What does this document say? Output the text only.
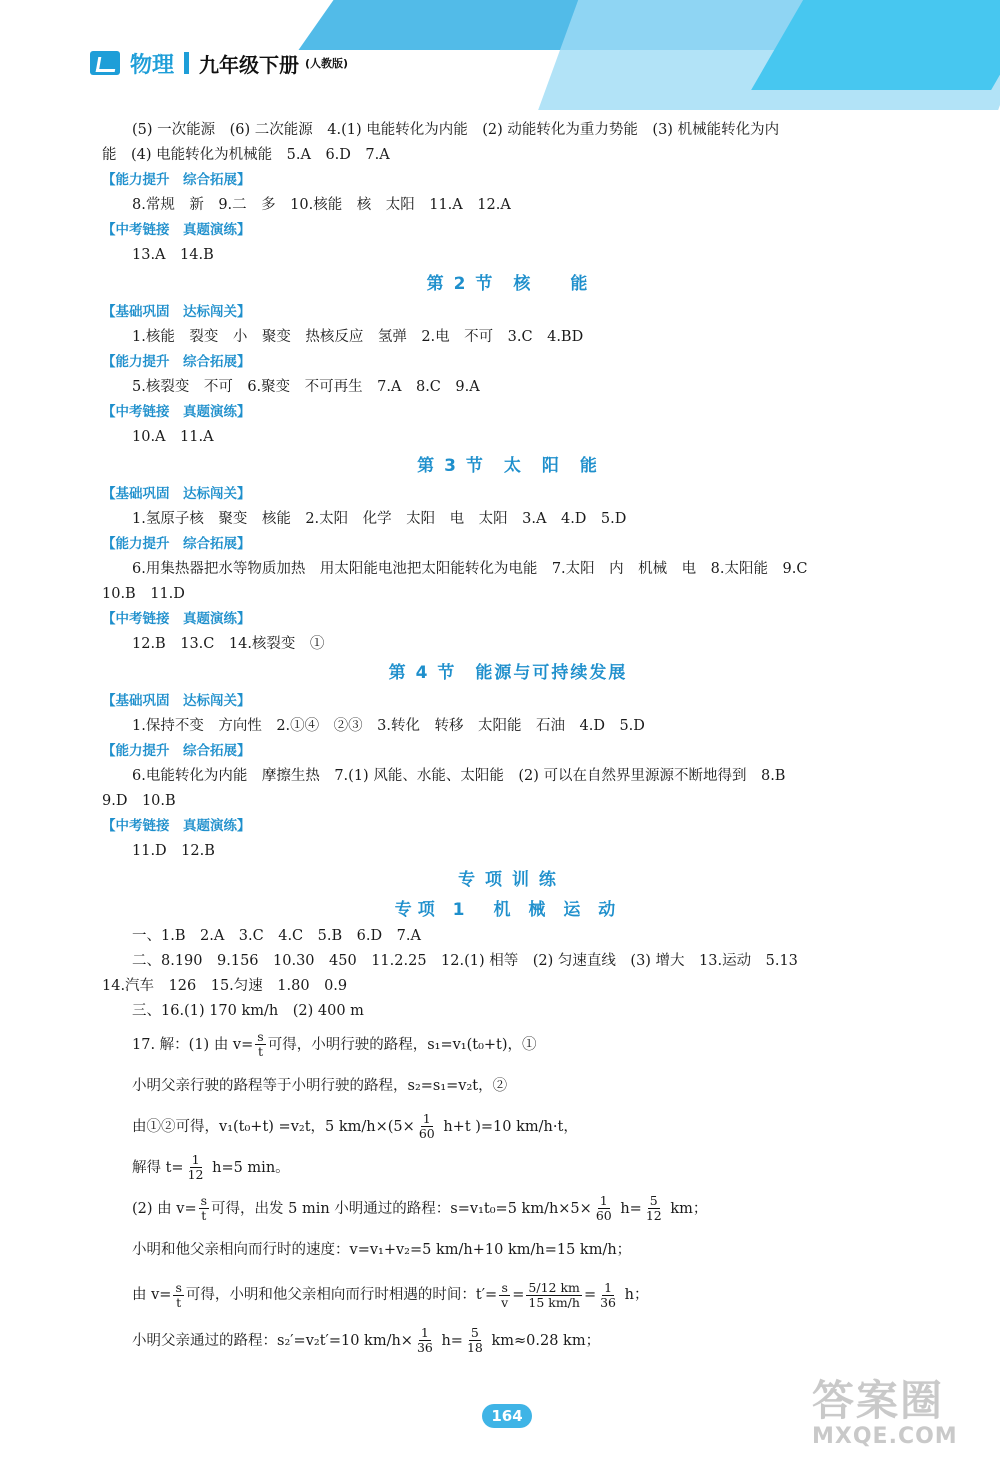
物理 九年级下册 (人教版)
(5) 一次能源　(6) 二次能源　4.(1) 电能转化为内能　(2) 动能转化为重力势能　(3) 机械能转化为内
能　(4) 电能转化为机械能　5.A　6.D　7.A
【能力提升　综合拓展】
8.常规　新　9.二　多　10.核能　核　太阳　11.A　12.A
【中考链接　真题演练】
13.A　14.B
第 2 节　核　　能
【基础巩固　达标闯关】
1.核能　裂变　小　聚变　热核反应　氢弹　2.电　不可　3.C　4.BD
【能力提升　综合拓展】
5.核裂变　不可　6.聚变　不可再生　7.A　8.C　9.A
【中考链接　真题演练】
10.A　11.A
第 3 节　太　阳　能
【基础巩固　达标闯关】
1.氢原子核　聚变　核能　2.太阳　化学　太阳　电　太阳　3.A　4.D　5.D
【能力提升　综合拓展】
6.用集热器把水等物质加热　用太阳能电池把太阳能转化为电能　7.太阳　内　机械　电　8.太阳能　9.C
10.B　11.D
【中考链接　真题演练】
12.B　13.C　14.核裂变　①
第 4 节　能源与可持续发展
【基础巩固　达标闯关】
1.保持不变　方向性　2.①④　②③　3.转化　转移　太阳能　石油　4.D　5.D
【能力提升　综合拓展】
6.电能转化为内能　摩擦生热　7.(1) 风能、水能、太阳能　(2) 可以在自然界里源源不断地得到　8.B
9.D　10.B
【中考链接　真题演练】
11.D　12.B
专 项 训 练
专项 1　机 械 运 动
一、1.B　2.A　3.C　4.C　5.B　6.D　7.A
二、8.190　9.156　10.30　450　11.2.25　12.(1) 相等　(2) 匀速直线　(3) 增大　13.运动　5.13
14.汽车　126　15.匀速　1.80　0.9
三、16.(1) 170 km/h　(2) 400 m
17. 解：(1) 由 $v= \frac{s}{t}$ 可得，小明行驶的路程，s₁=v₁(t₀+t)，①
小明父亲行驶的路程等于小明行驶的路程，s₂=s₁=v₂t，②
由①②可得，v₁(t₀+t) =v₂t，5 $km/h\times(5\times \frac{1}{60} h+t$ )=10 km/h·t，
解得 $t= \frac{1}{12} h=5$ min。
(2) 由 $v= \frac{s}{t}$ 可得，出发 5 min 小明通过的路程：s=v₁t₀=5 $km/h\times 5\times \frac{1}{60} h= \frac{5}{12}$ km；
小明和他父亲相向而行时的速度：v=v₁+v₂=5 km/h+10 km/h=15 km/h；
由 $v= \frac{s}{t}$ 可得，小明和他父亲相向而行时相遇的时间：$t'= \frac{s}{v} = \frac{5/12 km}{15 km/h} = \frac{1}{36}$ h；
小明父亲通过的路程：s₂′=v₂t′=10 $km/h\times \frac{1}{36} h= \frac{5}{18} km\approx 0.28$ km；
164	答案圈
MXQE.COM
